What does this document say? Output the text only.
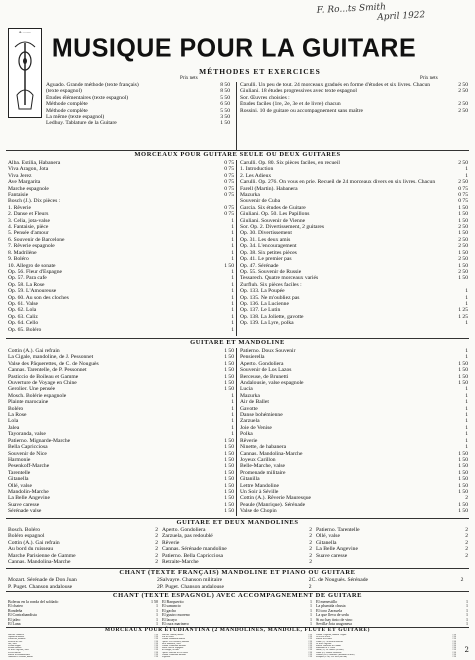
F. Ro...ts Smith
April 1922
A. .........
MUSIQUE POUR LA GUITARE
MÉTHODES ET EXERCICES
Prix nets	Prix nets
Aguado. Grande méthode (texte français)	8 50
(texte espagnol)	8 50
Études élémentaires (texte espagnol)	5 50
Méthode complète	6 50
Méthode complète	5 50
La même (texte espagnol)	3 50
Ledhuy. Tablature de la Guitare	1 50
Carulli. Un peu de tout. 24 morceaux gradués en forme d'études et six livres. Chacun	2 50
Giuliani. 18 études progressives avec texte espagnol	2 50
Sor. Œuvres choisies :
Études faciles (1re, 2e, 3e et 4e livre) chacun	2 50
Rossini. 10 de guitare ou accompagnement sans maître	2 50
MORCEAUX POUR GUITARE SEULE OU DEUX GUITARES
Alba. Estilia, Habanera	0 75
Viva Aragon, Jota	0 75
Viva Jerez	0 75
Ave Margarita	0 75
Marche espagnole	0 75
Fantaisie	0 75
Bosch (J.). Dix pièces :
1. Rêverie	0 75
2. Danse et Fleurs	0 75
3. Celia, jota-valse	1
4. Fantaisie, pièce	1
5. Pensée d'amour	1
6. Souvenir de Barcelone	1
7. Rêverie espagnole	1
8. Madrilène	1
9. Boléro	1
10. Allegro de sonate	1 50
Op. 56. Fleur d'Espagne	1
Op. 57. Para cafe	1
Op. 58. La Rose	1
Op. 59. L'Amoureuse	1
Op. 60. Au son des cloches	1
Op. 61. Valse	1
Op. 62. Lola	1
Op. 63. Caliz	1
Op. 64. Cello	1
Op. 65. Boléro	1
Carulli. Op. 80. Six pièces faciles, en recueil	2 50
1. Introduction	1
2. Les Adieux	1
Carulli. Op. 276. On vous en prie. Recueil de 24 morceaux divers en six livres. Chacun	2 50
Farell (Martin). Habanera	0 75
Mazurka	0 75
Souvenir de Cuba	0 75
Garcia. Six études de Guitare	1 50
Giuliani. Op. 50. Les Papillons	1 50
Giuliani. Souvenir de Vienne	1 50
Sor. Op. 2. Divertissement, 2 guitares	2 50
Op. 30. Divertissement	1 50
Op. 31. Les deux amis	2 50
Op. 34. L'encouragement	2 50
Op. 38. Six petites pièces	1 50
Op. 41. Le premier pas	2 50
Op. 47. Sérénade	1 50
Op. 55. Souvenir de Russie	2 50
Tessarech. Quatre morceaux variés	1 50
Zurfluh. Six pièces faciles :
Op. 133. La Poupée	1
Op. 135. Ne m'oubliez pas	1
Op. 136. La Lucienne	1
Op. 137. Le Lutin	1 25
Op. 138. La Joliette, gavotte	1 25
Op. 139. La Lyre, polka	1
GUITARE ET MANDOLINE
Cottin (A.). Gai refrain	1 50
La Cigale, mandoline, de J. Pessonnet	1 50
Valse des Pâquerettes, de C. de Nouguès	1 50
Cannas. Tarentelle, de P. Pessonnet	1 50
Pasticcio de Boileau et Gamme	1 50
Ouverture de Voyage en Chine	1 50
Gerolier. Une pensée	1 50
Mosch. Bolérie espagnole	1
Plainte marocaine	1
Boléro	1
La Rose	1
Lola	1
Jalea	1
Tayoranda, valse	1
Patierno. Mignarde-Marche	1 50
Bella Capricciosa	1 50
Souvenir de Nice	1 50
Harmonie	1 50
Pesenkoff-Marche	1 50
Tarentelle	1 50
Gitanella	1 50
Ollé, valse	1 50
Mandolin-Marche	1 50
La Belle Angevine	1 50
Suave caresse	1 50
Sérénade valse	1 50
Patierno. Doux Souvenir	1
Pensierella	1
Aperto. Gondoliera	1 50
Souvenir de Los Lazos	1 50
Berceuse, de Brunetti	1 50
Andalousie, valse espagnole	1 50
Lucia	1
Mazurka	1
Air de Ballet	1
Gavotte	1
Danse bohémienne	1
Zarzuela	1
Joie de Venise	1
Polka	1
Rêverie	1
Ninette, 4e habanera	1
Cannas. Mandolina-Marche	1 50
Joyeux Carillon	1 50
Belle-Marche, valse	1 50
Promenade militaire	1 50
Gitanilla	1 50
Lettre Mandoline	1 50
Un Soir à Séville	1 50
Cottin (A.). Rêverie Mauresque	2
Peaule (Manrique). Sérénade	1 50
Valse de Chopin	1 50
GUITARE ET DEUX MANDOLINES
Bosch. Boléro	2
Boléro espagnol	2
Cottin (A.). Gai refrain	2
Au bord du ruisseau	2
Marche Parisienne de Gamme	2
Cannas. Mandolina-Marche	2
Aperto. Gondoliera	2
Zarzuela, pas redoublé	2
Rêverie	2
Cannas. Sérénade mandoline	2
Patierno. Bella Capricciosa	2
Retraite-Marche	2
Patierno. Tarentelle	2
Ollé, valse	2
Gitanella	2
La Belle Angevine	2
Suave caresse	2
CHANT (TEXTE FRANÇAIS) MANDOLINE ET PIANO OU GUITARE
Mozart. Sérénade de Don Juan	2 Salvayre. Chanson militaire	2 C. de Nouguès. Sérénade	2
P. Puget. Chanson andalouse	2 P. Puget. Chanson andalouse	2
CHANT (TEXTE ESPAGNOL) AVEC ACCOMPAGNEMENT DE GUITARE
Boleras en la ronda del soldado	1 50
El chateo	1
Rondeña	1
El Contrabandista	1
El jaleo	1
El Lana	1
El Barquerito	1
El sanuncio	1
El gacho	1
El gustro moreno	1
El lacayo	1
El cura marinero	1
El menestillo	1
La plumida chusta	1
El toro Zarzuela	1
La que lleva de seda	1
Si no hay tinto de vino	1
Sevilla-Jota aragonesa	1
MORCEAUX POUR ÉTUDIANTINA (2 MANDOLINES, MANDOLE, FLUTE ET GUITARE)
Patierno. Tarantelle	2 50
Napolitella-Marche	2 50
Pensierella, mazurka	2 50
Souvenir de Nice	2 50
Ollé, valse	2 50
Prelude-Rappel	2 50
Retraite-Marche	2 50
La Belle Angevine, valse	2 50
Séville-Marche	2 50
Marche des Mandolinistes	2 50
Tambours et Clairons, marche	2 50
Patierno. Tartarin, marche	2 50
Joie de Venise	2 50
Cannas. Mandolina-Marche	2 50
Aperto. Les Tricourtes, mazurka	2 50
Belle Madrilène, valse	2 50
Cannas. Promenade militaire	2 50
Bosch. Bolérie Espagnole	2 50
de Bologne, ou flûte	2 50
Aperto. Souvenir de Los Lazos	2 50
Cannas. Promenade militaire	2 50
Séguidille	2 50
Cannas. Trogurios, fantaisie Tzigane	2 50
Un Soir à Séville	2 50
Marche des Cadets	2 50
Cottin (A.). Au bord du ruisseau	2 50
La Belle Angevine	2 50
Marche Parisienne de Gamme	2 50
Mandoline de P. Tissot	2 50
David (A.). La Fiancée (ou flûte)	2 50
Ganne (L.). Marche Parisienne	2 50
Gounod (Ch.). Passacaille (trombone ou flûte)	2 50
Mesquita (C. de). Les Joies (ou flûte)	2 50
2
